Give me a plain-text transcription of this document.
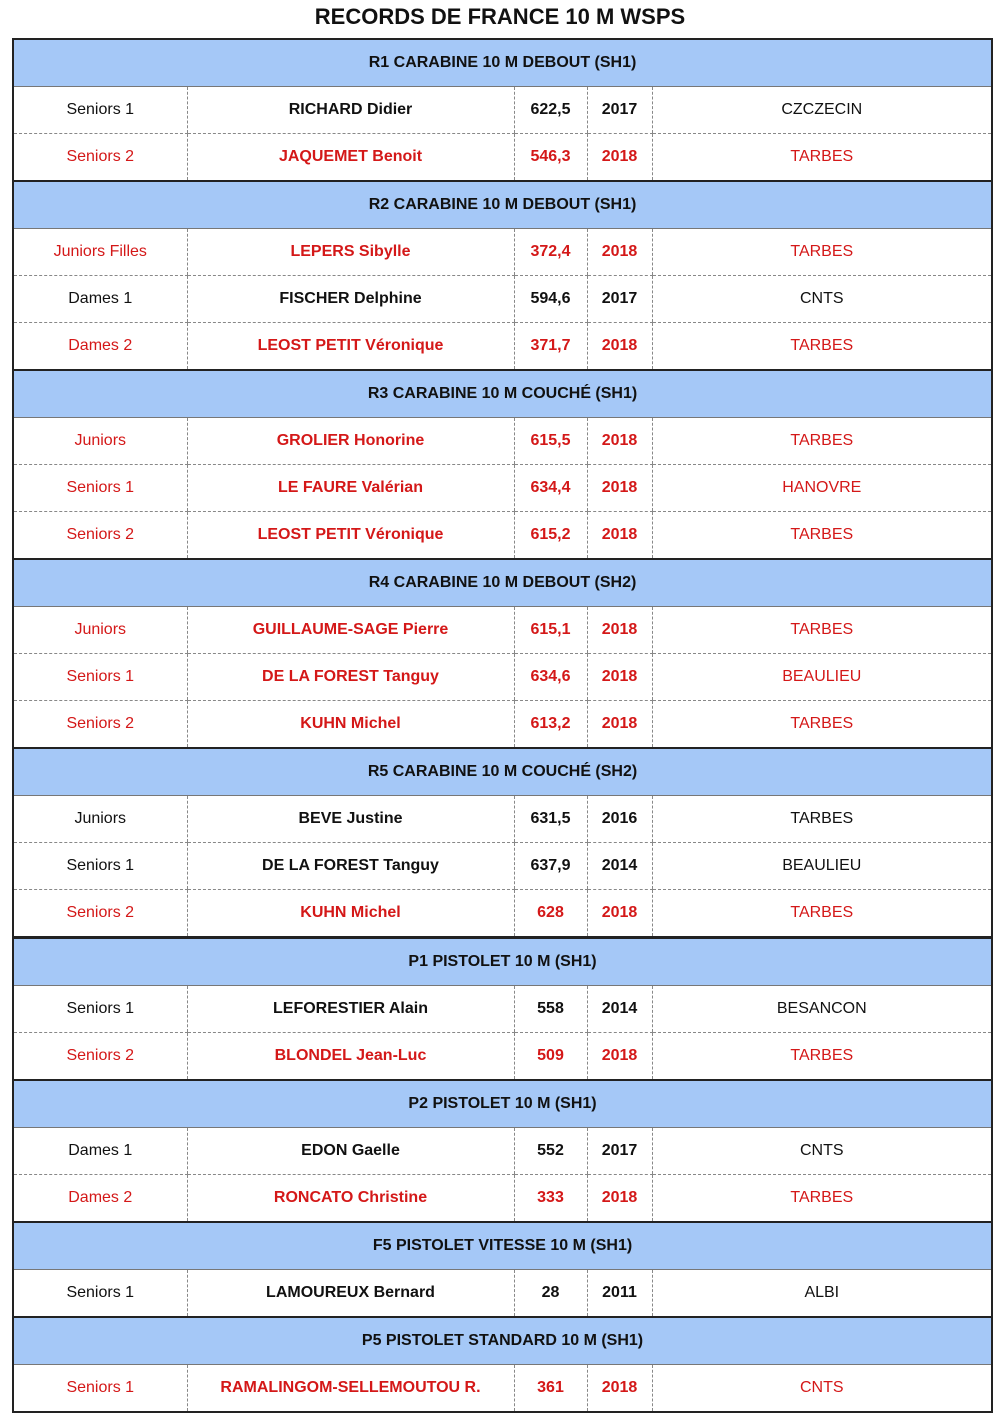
RECORDS DE FRANCE 10 M WSPS
R1 CARABINE 10 M DEBOUT (SH1)				
Seniors 1	RICHARD Didier	622,5	2017	CZCZECIN
Seniors 2	JAQUEMET Benoit	546,3	2018	TARBES
R2 CARABINE 10 M DEBOUT (SH1)				
Juniors Filles	LEPERS Sibylle	372,4	2018	TARBES
Dames 1	FISCHER Delphine	594,6	2017	CNTS
Dames 2	LEOST PETIT Véronique	371,7	2018	TARBES
R3 CARABINE 10 M COUCHÉ (SH1)				
Juniors	GROLIER Honorine	615,5	2018	TARBES
Seniors 1	LE FAURE Valérian	634,4	2018	HANOVRE
Seniors 2	LEOST PETIT Véronique	615,2	2018	TARBES
R4 CARABINE 10 M DEBOUT (SH2)				
Juniors	GUILLAUME-SAGE Pierre	615,1	2018	TARBES
Seniors 1	DE LA FOREST Tanguy	634,6	2018	BEAULIEU
Seniors 2	KUHN Michel	613,2	2018	TARBES
R5 CARABINE 10 M COUCHÉ (SH2)				
Juniors	BEVE Justine	631,5	2016	TARBES
Seniors 1	DE LA FOREST Tanguy	637,9	2014	BEAULIEU
Seniors 2	KUHN Michel	628	2018	TARBES
P1 PISTOLET 10 M (SH1)				
Seniors 1	LEFORESTIER Alain	558	2014	BESANCON
Seniors 2	BLONDEL Jean-Luc	509	2018	TARBES
P2 PISTOLET 10 M (SH1)				
Dames 1	EDON Gaelle	552	2017	CNTS
Dames 2	RONCATO Christine	333	2018	TARBES
F5 PISTOLET VITESSE 10 M (SH1)				
Seniors 1	LAMOUREUX Bernard	28	2011	ALBI
P5 PISTOLET STANDARD 10 M (SH1)				
Seniors 1	RAMALINGOM-SELLEMOUTOU R.	361	2018	CNTS
